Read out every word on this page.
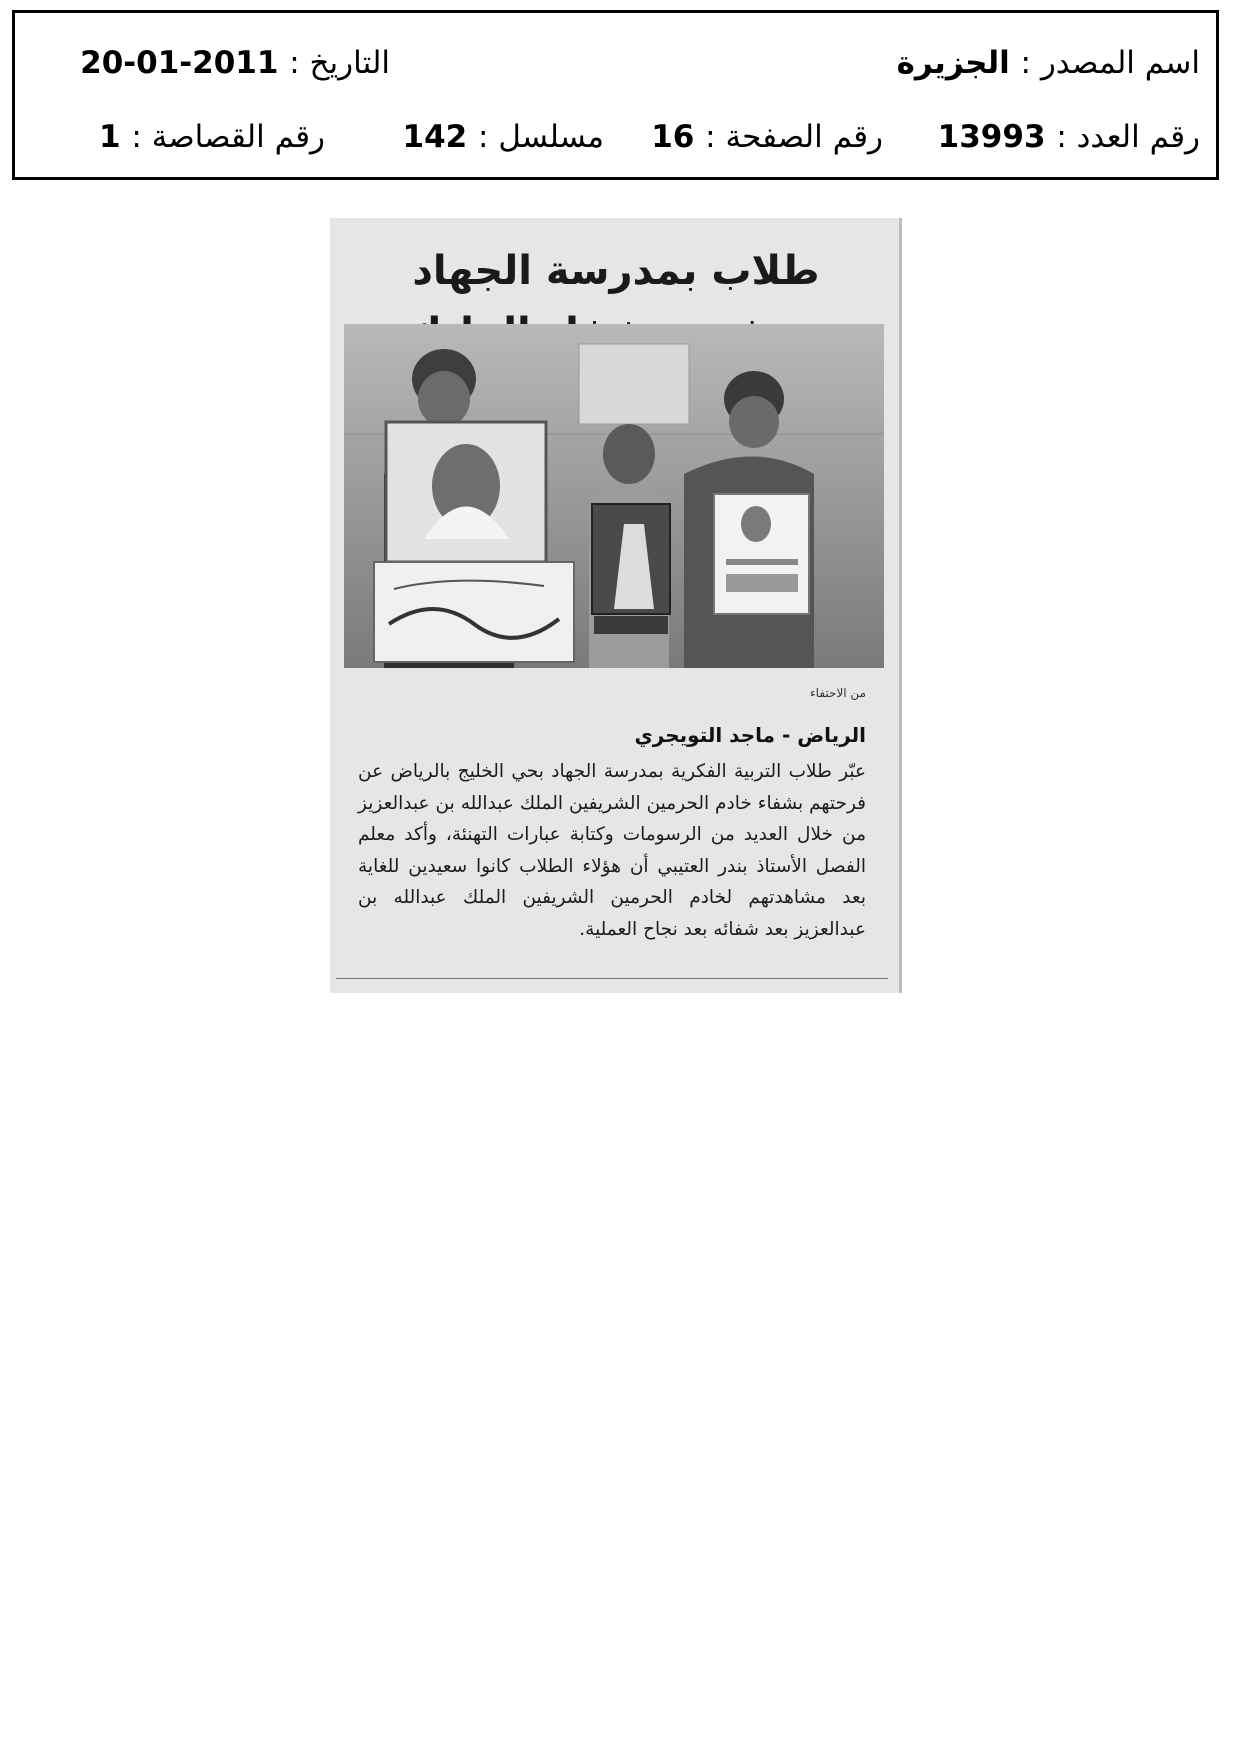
اسم المصدر : الجزيرة
التاريخ : 2011-01-20
رقم العدد : 13993
رقم الصفحة : 16
مسلسل : 142
رقم القصاصة : 1
طلاب بمدرسة الجهاد
من الاحتفاء
الرياض - ماجد التويجري
عبّر طلاب التربية الفكرية بمدرسة الجهاد بحي الخليج بالرياض عن فرحتهم بشفاء خادم الحرمين الشريفين الملك عبدالله بن عبدالعزيز من خلال العديد من الرسومات وكتابة عبارات التهنئة، وأكد معلم الفصل الأستاذ بندر العتيبي أن هؤلاء الطلاب كانوا سعيدين للغاية بعد مشاهدتهم لخادم الحرمين الشريفين الملك عبدالله بن عبدالعزيز بعد شفائه بعد نجاح العملية.
